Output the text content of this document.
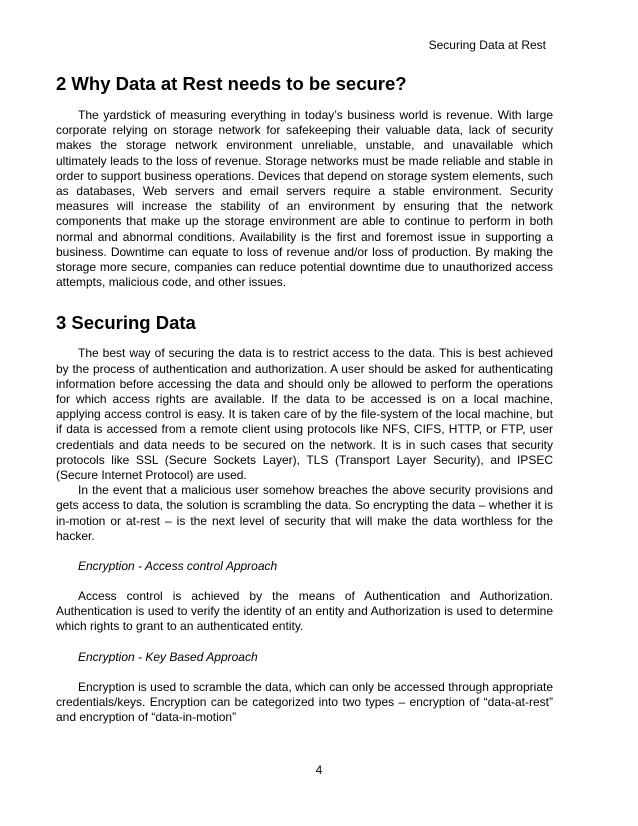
Securing Data at Rest
2 Why Data at Rest needs to be secure?

The yardstick of measuring everything in today’s business world is revenue. With large corporate relying on storage network for safekeeping their valuable data, lack of security makes the storage network environment unreliable, unstable, and unavailable which ultimately leads to the loss of revenue. Storage networks must be made reliable and stable in order to support business operations. Devices that depend on storage system elements, such as databases, Web servers and email servers require a stable environment. Security measures will increase the stability of an environment by ensuring that the network components that make up the storage environment are able to continue to perform in both normal and abnormal conditions. Availability is the first and foremost issue in supporting a business. Downtime can equate to loss of revenue and/or loss of production. By making the storage more secure, companies can reduce potential downtime due to unauthorized access attempts, malicious code, and other issues.

3 Securing Data

The best way of securing the data is to restrict access to the data. This is best achieved by the process of authentication and authorization. A user should be asked for authenticating information before accessing the data and should only be allowed to perform the operations for which access rights are available. If the data to be accessed is on a local machine, applying access control is easy. It is taken care of by the file-system of the local machine, but if data is accessed from a remote client using protocols like NFS, CIFS, HTTP, or FTP, user credentials and data needs to be secured on the network. It is in such cases that security protocols like SSL (Secure Sockets Layer), TLS (Transport Layer Security), and IPSEC (Secure Internet Protocol) are used.

In the event that a malicious user somehow breaches the above security provisions and gets access to data, the solution is scrambling the data. So encrypting the data – whether it is in-motion or at-rest – is the next level of security that will make the data worthless for the hacker.

Encryption - Access control Approach

Access control is achieved by the means of Authentication and Authorization. Authentication is used to verify the identity of an entity and Authorization is used to determine which rights to grant to an authenticated entity.

Encryption - Key Based Approach

Encryption is used to scramble the data, which can only be accessed through appropriate credentials/keys. Encryption can be categorized into two types – encryption of “data-at-rest” and encryption of “data-in-motion”

4
